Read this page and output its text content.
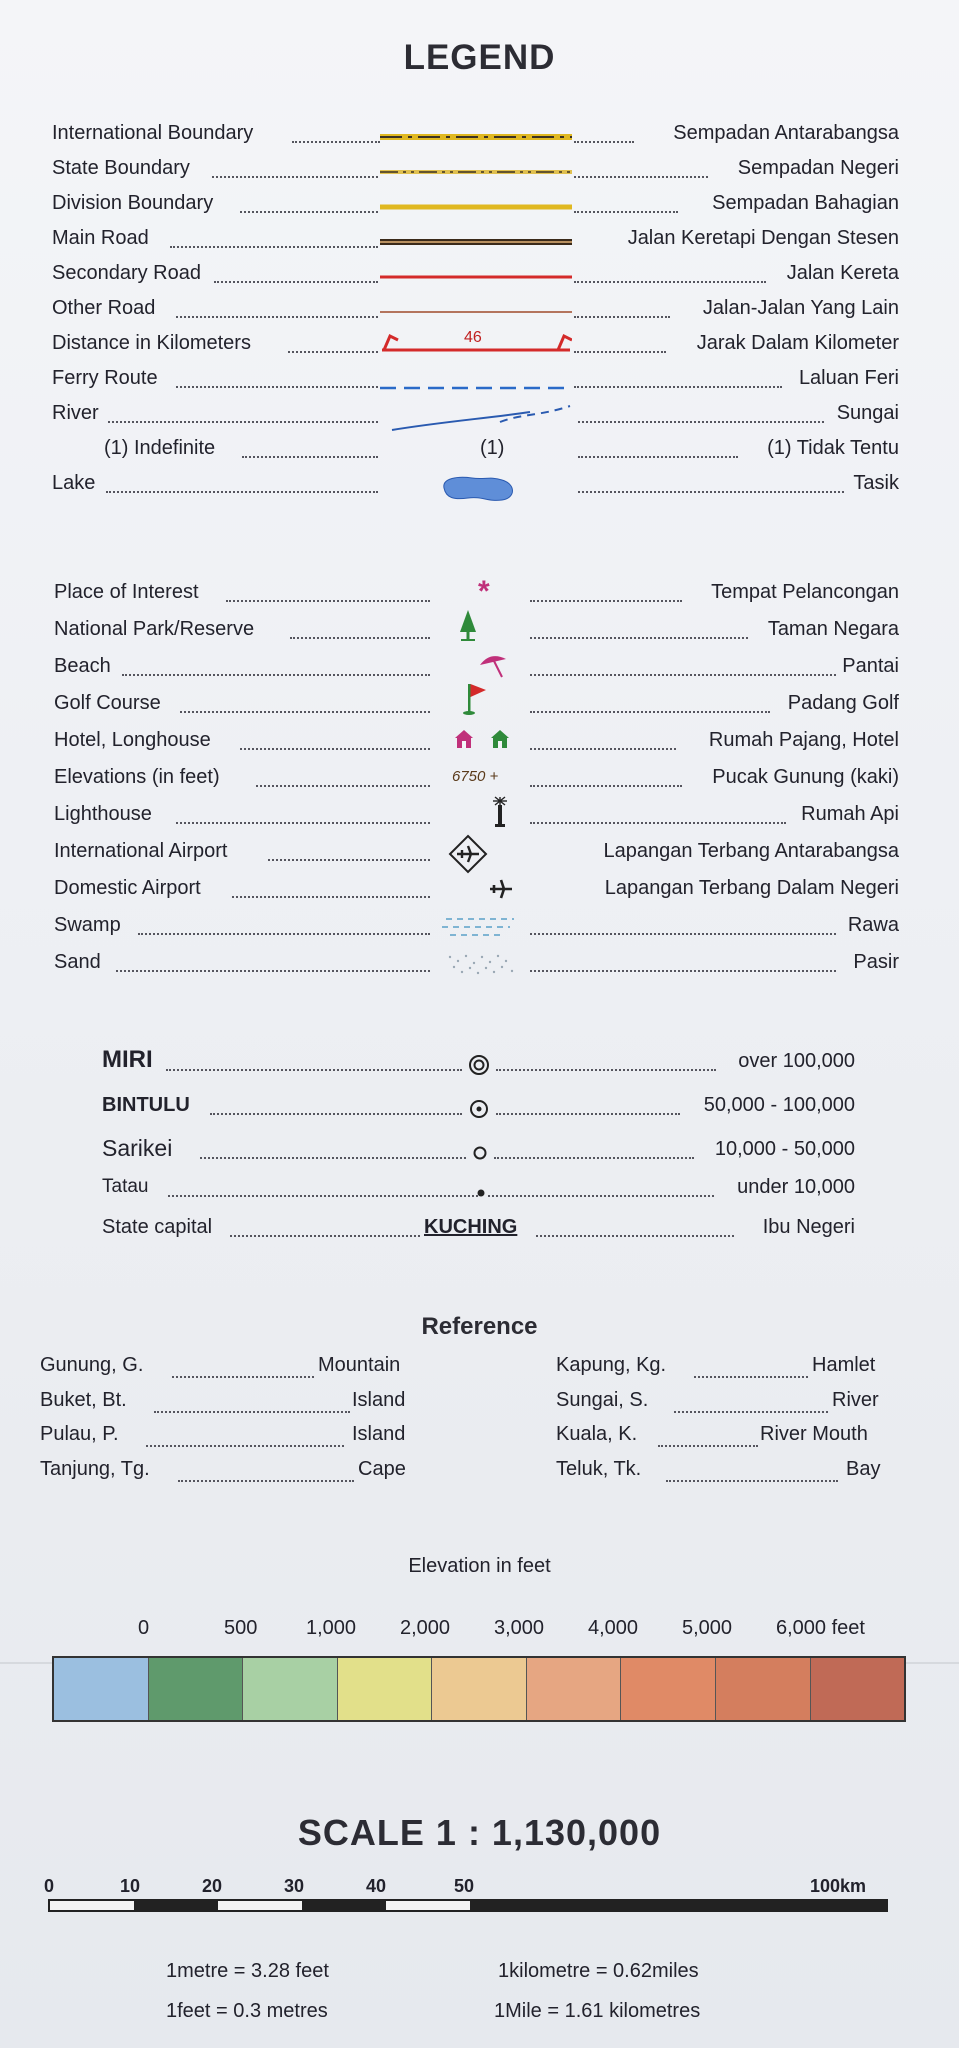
LEGEND
International Boundary	Sempadan Antarabangsa
State Boundary	Sempadan Negeri
Division Boundary	Sempadan Bahagian
Main Road	Jalan Keretapi Dengan Stesen
Secondary Road	Jalan Kereta
Other Road	Jalan-Jalan Yang Lain
Distance in Kilometers	46	Jarak Dalam Kilometer
Ferry Route	Laluan Feri
River	Sungai
(1) Indefinite	(1)	(1) Tidak Tentu
Lake	Tasik
Place of Interest	*	Tempat Pelancongan
National Park/Reserve	Taman Negara
Beach	Pantai
Golf Course	Padang Golf
Hotel, Longhouse	Rumah Pajang, Hotel
Elevations (in feet)	6750 +	Pucak Gunung (kaki)
Lighthouse	Rumah Api
International Airport	Lapangan Terbang Antarabangsa
Domestic Airport	Lapangan Terbang Dalam Negeri
Swamp	Rawa
Sand	Pasir
MIRI	over 100,000
BINTULU	50,000 - 100,000
Sarikei	10,000 - 50,000
Tatau	under 10,000
State capital	KUCHING	Ibu Negeri
Reference
Gunung, G.	Mountain
Buket, Bt.	Island
Pulau, P.	Island
Tanjung, Tg.	Cape
Kapung, Kg.	Hamlet
Sungai, S.	River
Kuala, K.	River Mouth
Teluk, Tk.	Bay
Elevation in feet
0	500 1,000 2,000 3,000 4,000 5,000 6,000 feet
SCALE 1 : 1,130,000
0	10	20	30	40	50	100km
1metre = 3.28 feet	1kilometre = 0.62miles
1feet = 0.3 metres	1Mile = 1.61 kilometres
